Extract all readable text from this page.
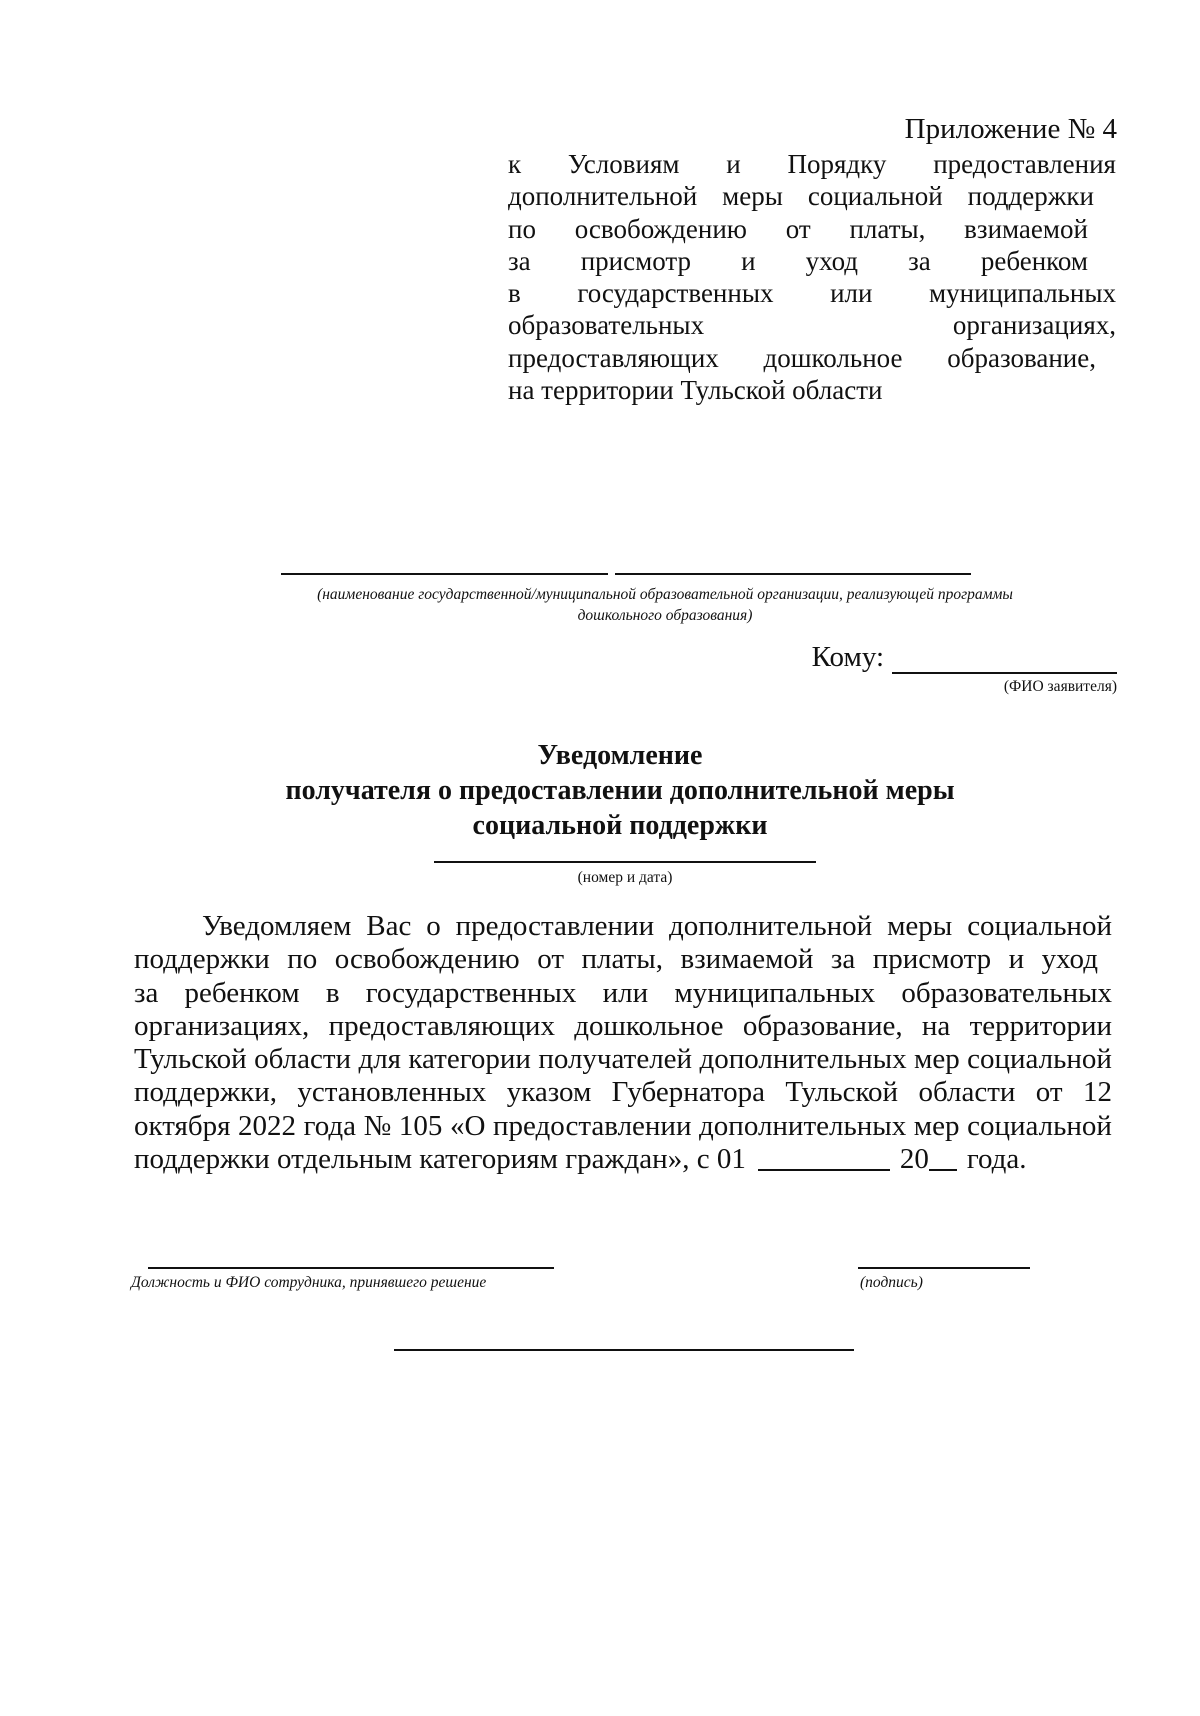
Приложение № 4
к Условиям и Порядку предоставления
дополнительной меры социальной поддержки
по освобождению от платы, взимаемой
за присмотр и уход за ребенком
в государственных или муниципальных
образовательных	организациях,
предоставляющих дошкольное образование,
на территории Тульской области
(наименование государственной/муниципальной образовательной организации, реализующей программы
дошкольного образования)
Кому:
(ФИО заявителя)
Уведомление
получателя о предоставлении дополнительной меры
социальной поддержки
(номер и дата)
Уведомляем Вас о предоставлении дополнительной меры социальной
поддержки по освобождению от платы, взимаемой за присмотр и уход
за ребенком в государственных или муниципальных образовательных
организациях, предоставляющих дошкольное образование, на территории
Тульской области для категории получателей дополнительных мер социальной
поддержки, установленных указом Губернатора Тульской области от 12
октября 2022 года № 105 «О предоставлении дополнительных мер социальной
поддержки отдельным категориям граждан», с 01	20 года.
Должность и ФИО сотрудника, принявшего решение	(подпись)
